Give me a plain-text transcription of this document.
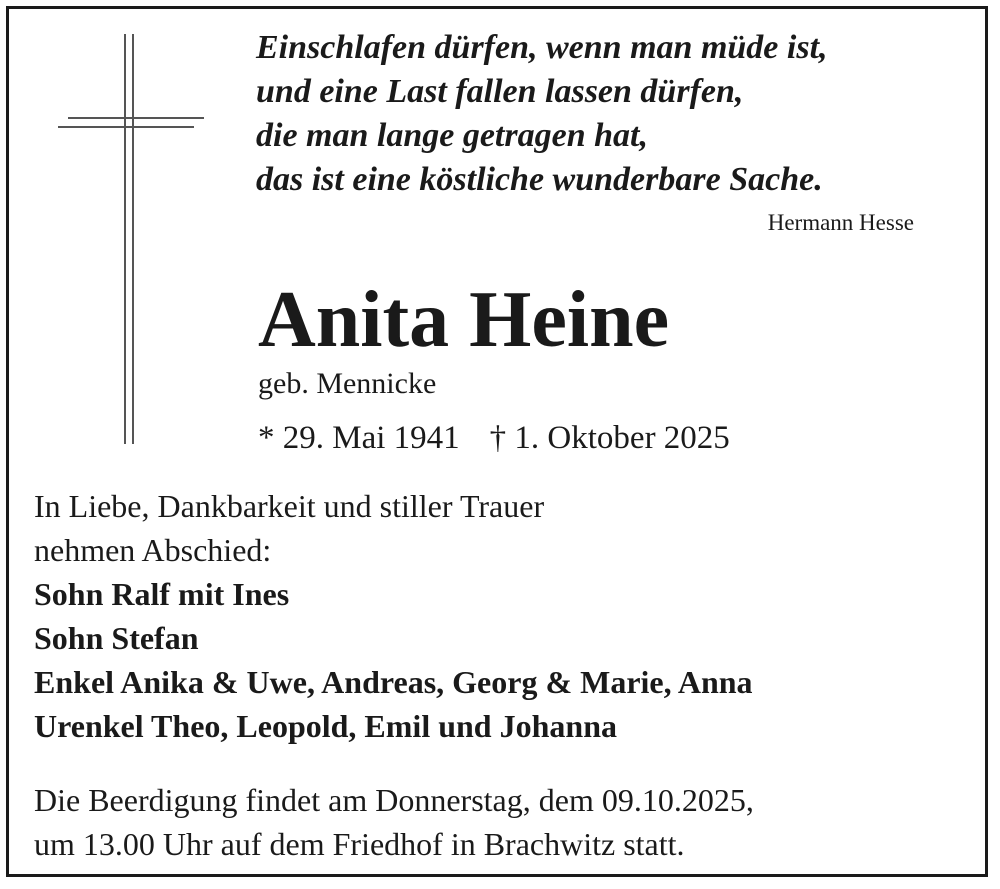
Einschlafen dürfen, wenn man müde ist,
und eine Last fallen lassen dürfen,
die man lange getragen hat,
das ist eine köstliche wunderbare Sache.
Hermann Hesse
Anita Heine
geb. Mennicke
* 29. Mai 1941 † 1. Oktober 2025
In Liebe, Dankbarkeit und stiller Trauer
nehmen Abschied:
Sohn Ralf mit Ines
Sohn Stefan
Enkel Anika & Uwe, Andreas, Georg & Marie, Anna
Urenkel Theo, Leopold, Emil und Johanna
Die Beerdigung findet am Donnerstag, dem 09.10.2025,
um 13.00 Uhr auf dem Friedhof in Brachwitz statt.
